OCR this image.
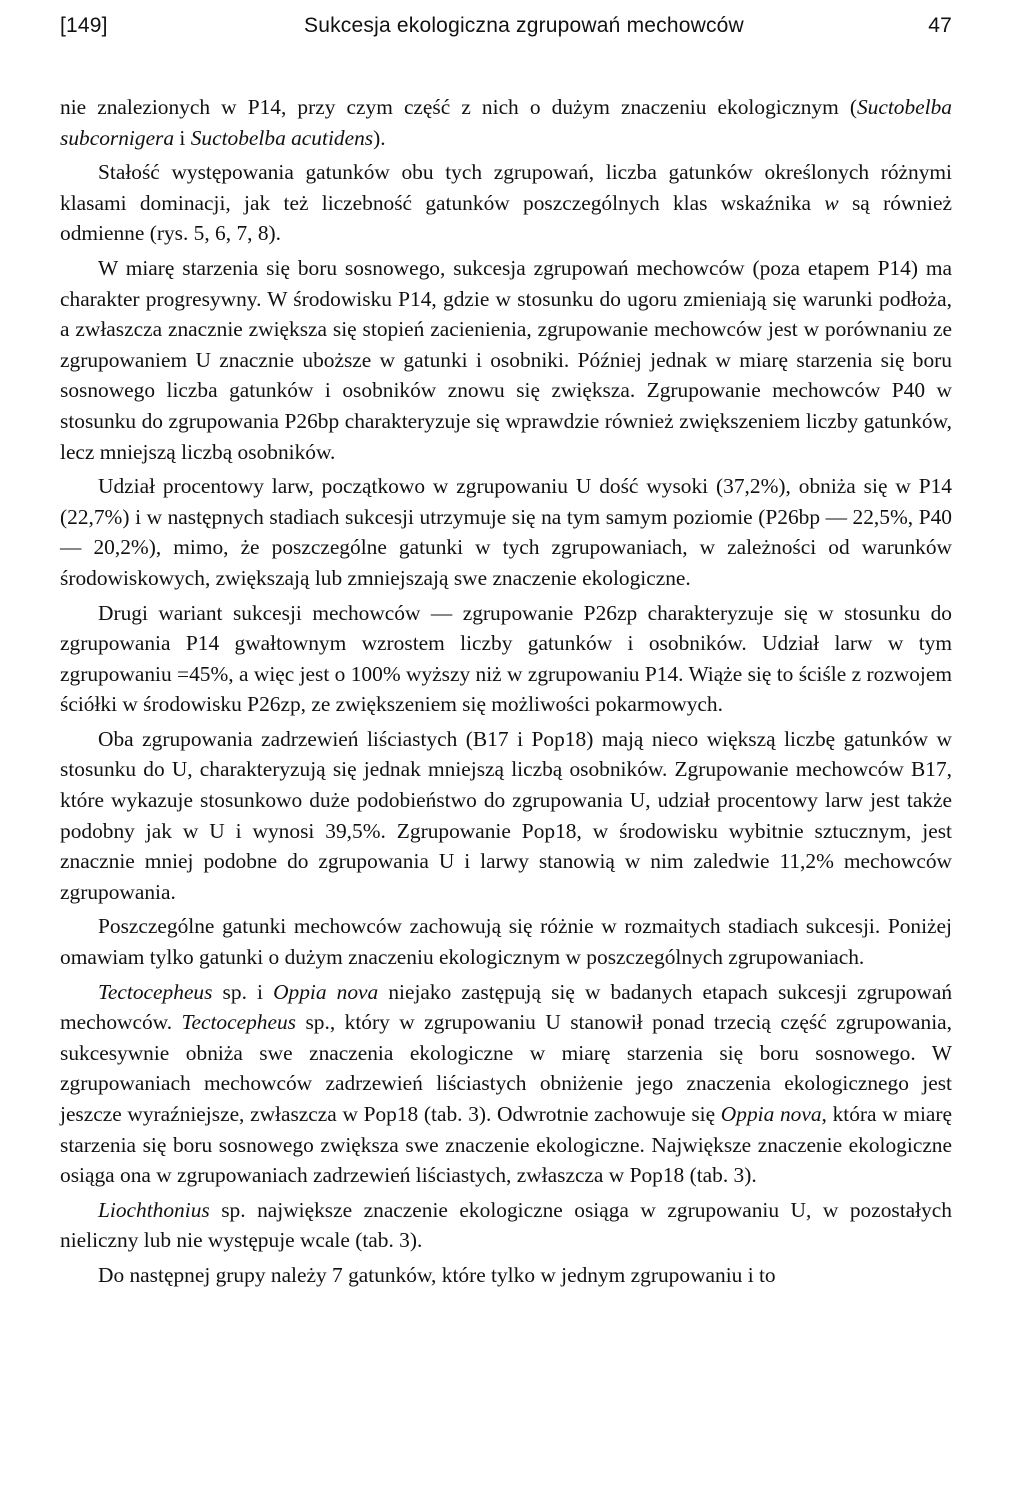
[149]	Sukcesja ekologiczna zgrupowań mechowców	47

nie znalezionych w P14, przy czym część z nich o dużym znaczeniu ekologicznym (Suctobelba subcornigera i Suctobelba acutidens).

Stałość występowania gatunków obu tych zgrupowań, liczba gatunków określonych różnymi klasami dominacji, jak też liczebność gatunków poszczególnych klas wskaźnika w są również odmienne (rys. 5, 6, 7, 8).

W miarę starzenia się boru sosnowego, sukcesja zgrupowań mechowców (poza etapem P14) ma charakter progresywny. W środowisku P14, gdzie w stosunku do ugoru zmieniają się warunki podłoża, a zwłaszcza znacznie zwiększa się stopień zacienienia, zgrupowanie mechowców jest w porównaniu ze zgrupowaniem U znacznie uboższe w gatunki i osobniki. Później jednak w miarę starzenia się boru sosnowego liczba gatunków i osobników znowu się zwiększa. Zgrupowanie mechowców P40 w stosunku do zgrupowania P26bp charakteryzuje się wprawdzie również zwiększeniem liczby gatunków, lecz mniejszą liczbą osobników.

Udział procentowy larw, początkowo w zgrupowaniu U dość wysoki (37,2%), obniża się w P14 (22,7%) i w następnych stadiach sukcesji utrzymuje się na tym samym poziomie (P26bp — 22,5%, P40 — 20,2%), mimo, że poszczególne gatunki w tych zgrupowaniach, w zależności od warunków środowiskowych, zwiększają lub zmniejszają swe znaczenie ekologiczne.

Drugi wariant sukcesji mechowców — zgrupowanie P26zp charakteryzuje się w stosunku do zgrupowania P14 gwałtownym wzrostem liczby gatunków i osobników. Udział larw w tym zgrupowaniu =45%, a więc jest o 100% wyższy niż w zgrupowaniu P14. Wiąże się to ściśle z rozwojem ściółki w środowisku P26zp, ze zwiększeniem się możliwości pokarmowych.

Oba zgrupowania zadrzewień liściastych (B17 i Pop18) mają nieco większą liczbę gatunków w stosunku do U, charakteryzują się jednak mniejszą liczbą osobników. Zgrupowanie mechowców B17, które wykazuje stosunkowo duże podobieństwo do zgrupowania U, udział procentowy larw jest także podobny jak w U i wynosi 39,5%. Zgrupowanie Pop18, w środowisku wybitnie sztucznym, jest znacznie mniej podobne do zgrupowania U i larwy stanowią w nim zaledwie 11,2% mechowców zgrupowania.

Poszczególne gatunki mechowców zachowują się różnie w rozmaitych stadiach sukcesji. Poniżej omawiam tylko gatunki o dużym znaczeniu ekologicznym w poszczególnych zgrupowaniach.

Tectocepheus sp. i Oppia nova niejako zastępują się w badanych etapach sukcesji zgrupowań mechowców. Tectocepheus sp., który w zgrupowaniu U stanowił ponad trzecią część zgrupowania, sukcesywnie obniża swe znaczenia ekologiczne w miarę starzenia się boru sosnowego. W zgrupowaniach mechowców zadrzewień liściastych obniżenie jego znaczenia ekologicznego jest jeszcze wyraźniejsze, zwłaszcza w Pop18 (tab. 3). Odwrotnie zachowuje się Oppia nova, która w miarę starzenia się boru sosnowego zwiększa swe znaczenie ekologiczne. Największe znaczenie ekologiczne osiąga ona w zgrupowaniach zadrzewień liściastych, zwłaszcza w Pop18 (tab. 3).

Liochthonius sp. największe znaczenie ekologiczne osiąga w zgrupowaniu U, w pozostałych nieliczny lub nie występuje wcale (tab. 3).

Do następnej grupy należy 7 gatunków, które tylko w jednym zgrupowaniu i to
